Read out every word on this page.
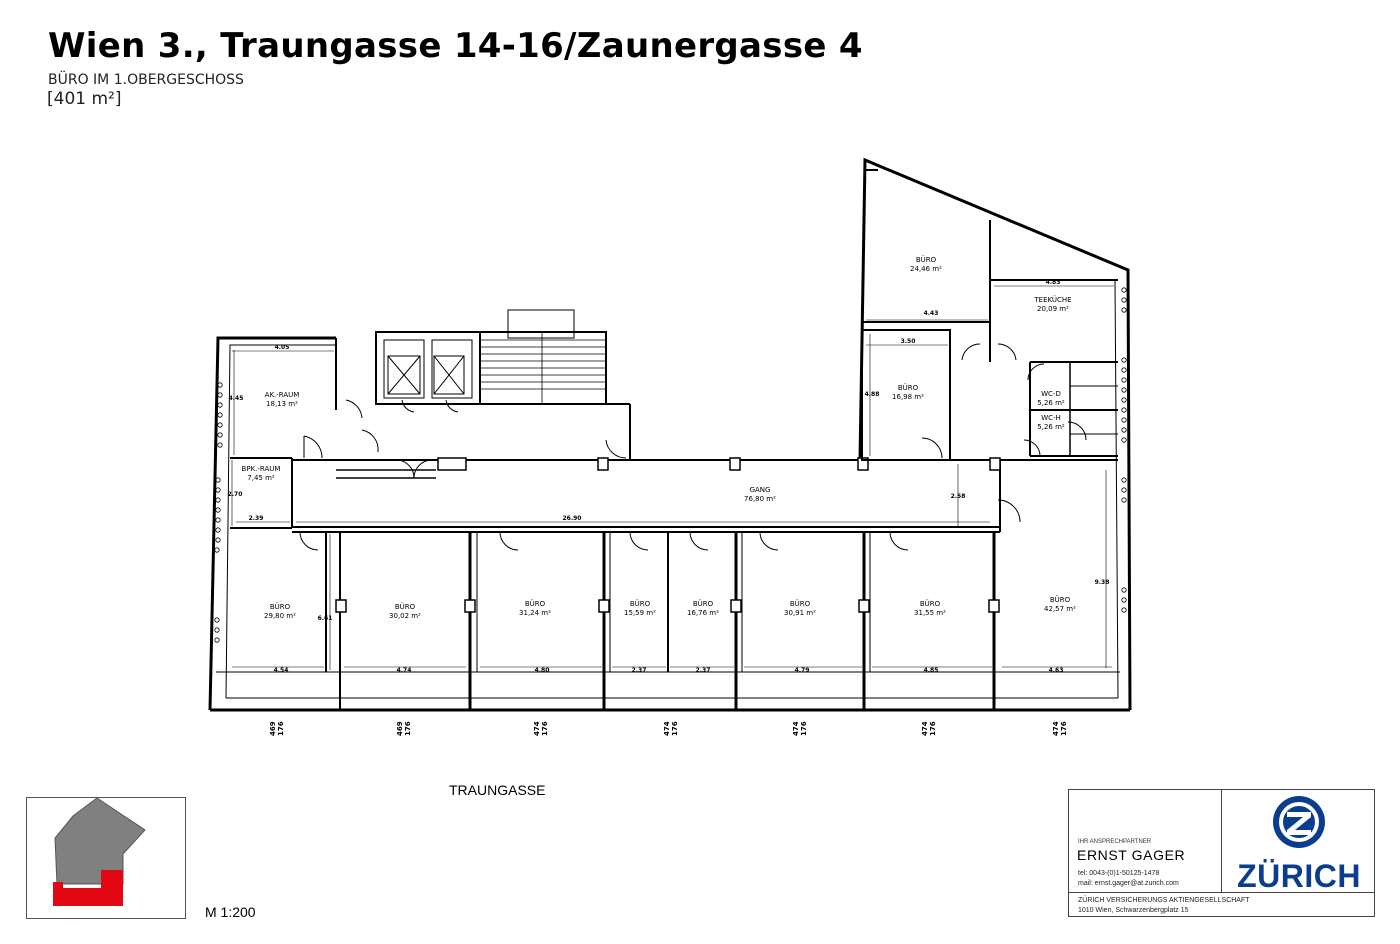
Wien 3., Traungasse 14-16/Zaunergasse 4
BÜRO IM 1.OBERGESCHOSS
[401 m²]
AK.-RAUM
18,13 m²
BPK.-RAUM
7,45 m²
GANG
76,80 m²
BÜRO
24,46 m²
TEEKÜCHE
20,09 m²
BÜRO
16,98 m²	WC-D
5,26 m²
WC-H
5,26 m²
BÜRO
29,80 m²
BÜRO
30,02 m²
BÜRO
31,24 m²
BÜRO
15,59 m²
BÜRO
16,76 m²
BÜRO
30,91 m²
BÜRO
31,55 m²
BÜRO
42,57 m²
4.05
4.45
2.70
2.39	26.90
6.61
4.54	4.74	4.80	2.37	2.37	4.79	4.85	4.63
9.38
2.58
4.43
4.83
3.50
4.88
469 176	469 176	474 176	474 176	474 176	474 176	474 176
TRAUNGASSE
M 1:200
IHR ANSPRECHPARTNER
ERNST GAGER
tel: 0043-(0)1-50125-1478
mail: ernst.gager@at.zurich.com	ZÜRICH
ZÜRICH VERSICHERUNGS AKTIENGESELLSCHAFT
1010 Wien, Schwarzenbergplatz 15
